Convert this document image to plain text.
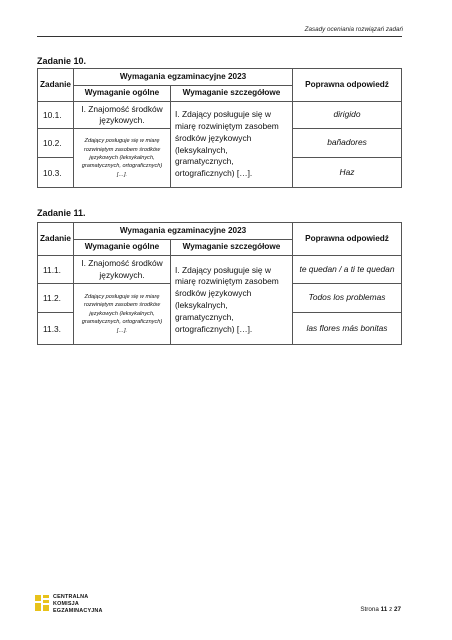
Zasady oceniania rozwiązań zadań
Zadanie 10.
Zadanie	Wymagania egzaminacyjne 2023		Poprawna odpowiedź
	Wymaganie ogólne	Wymaganie szczegółowe	
10.1.	I. Znajomość środków językowych.	I. Zdający posługuje się w miarę rozwiniętym zasobem środków językowych (leksykalnych, gramatycznych, ortograficznych) […].	dirigido
10.2.	Zdający posługuje się w miarę rozwiniętym zasobem środków językowych (leksykalnych, gramatycznych, ortograficznych) […].		bañadores
10.3.			Haz
Zadanie 11.
Zadanie	Wymagania egzaminacyjne 2023		Poprawna odpowiedź
	Wymaganie ogólne	Wymaganie szczegółowe	
11.1.	I. Znajomość środków językowych.	I. Zdający posługuje się w miarę rozwiniętym zasobem środków językowych (leksykalnych, gramatycznych, ortograficznych) […].	te quedan / a ti te quedan
11.2.	Zdający posługuje się w miarę rozwiniętym zasobem środków językowych (leksykalnych, gramatycznych, ortograficznych) […].		Todos los problemas
11.3.			las flores más bonitas
CENTRALNA
KOMISJA
EGZAMINACYJNA	Strona 11 z 27
